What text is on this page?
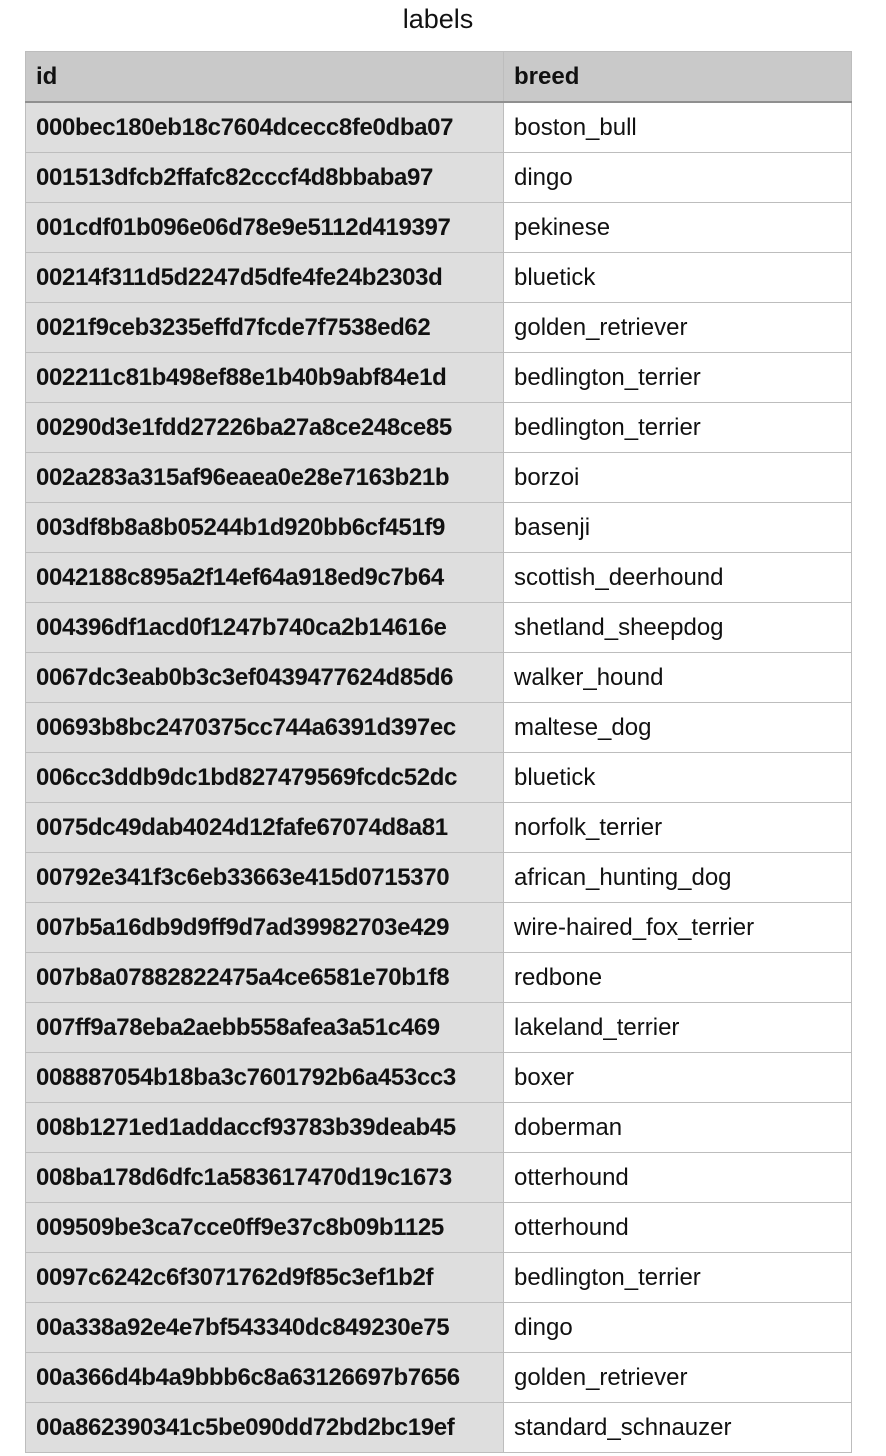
labels
id	breed
000bec180eb18c7604dcecc8fe0dba07	boston_bull
001513dfcb2ffafc82cccf4d8bbaba97	dingo
001cdf01b096e06d78e9e5112d419397	pekinese
00214f311d5d2247d5dfe4fe24b2303d	bluetick
0021f9ceb3235effd7fcde7f7538ed62	golden_retriever
002211c81b498ef88e1b40b9abf84e1d	bedlington_terrier
00290d3e1fdd27226ba27a8ce248ce85	bedlington_terrier
002a283a315af96eaea0e28e7163b21b	borzoi
003df8b8a8b05244b1d920bb6cf451f9	basenji
0042188c895a2f14ef64a918ed9c7b64	scottish_deerhound
004396df1acd0f1247b740ca2b14616e	shetland_sheepdog
0067dc3eab0b3c3ef0439477624d85d6	walker_hound
00693b8bc2470375cc744a6391d397ec	maltese_dog
006cc3ddb9dc1bd827479569fcdc52dc	bluetick
0075dc49dab4024d12fafe67074d8a81	norfolk_terrier
00792e341f3c6eb33663e415d0715370	african_hunting_dog
007b5a16db9d9ff9d7ad39982703e429	wire-haired_fox_terrier
007b8a07882822475a4ce6581e70b1f8	redbone
007ff9a78eba2aebb558afea3a51c469	lakeland_terrier
008887054b18ba3c7601792b6a453cc3	boxer
008b1271ed1addaccf93783b39deab45	doberman
008ba178d6dfc1a583617470d19c1673	otterhound
009509be3ca7cce0ff9e37c8b09b1125	otterhound
0097c6242c6f3071762d9f85c3ef1b2f	bedlington_terrier
00a338a92e4e7bf543340dc849230e75	dingo
00a366d4b4a9bbb6c8a63126697b7656	golden_retriever
00a862390341c5be090dd72bd2bc19ef	standard_schnauzer
